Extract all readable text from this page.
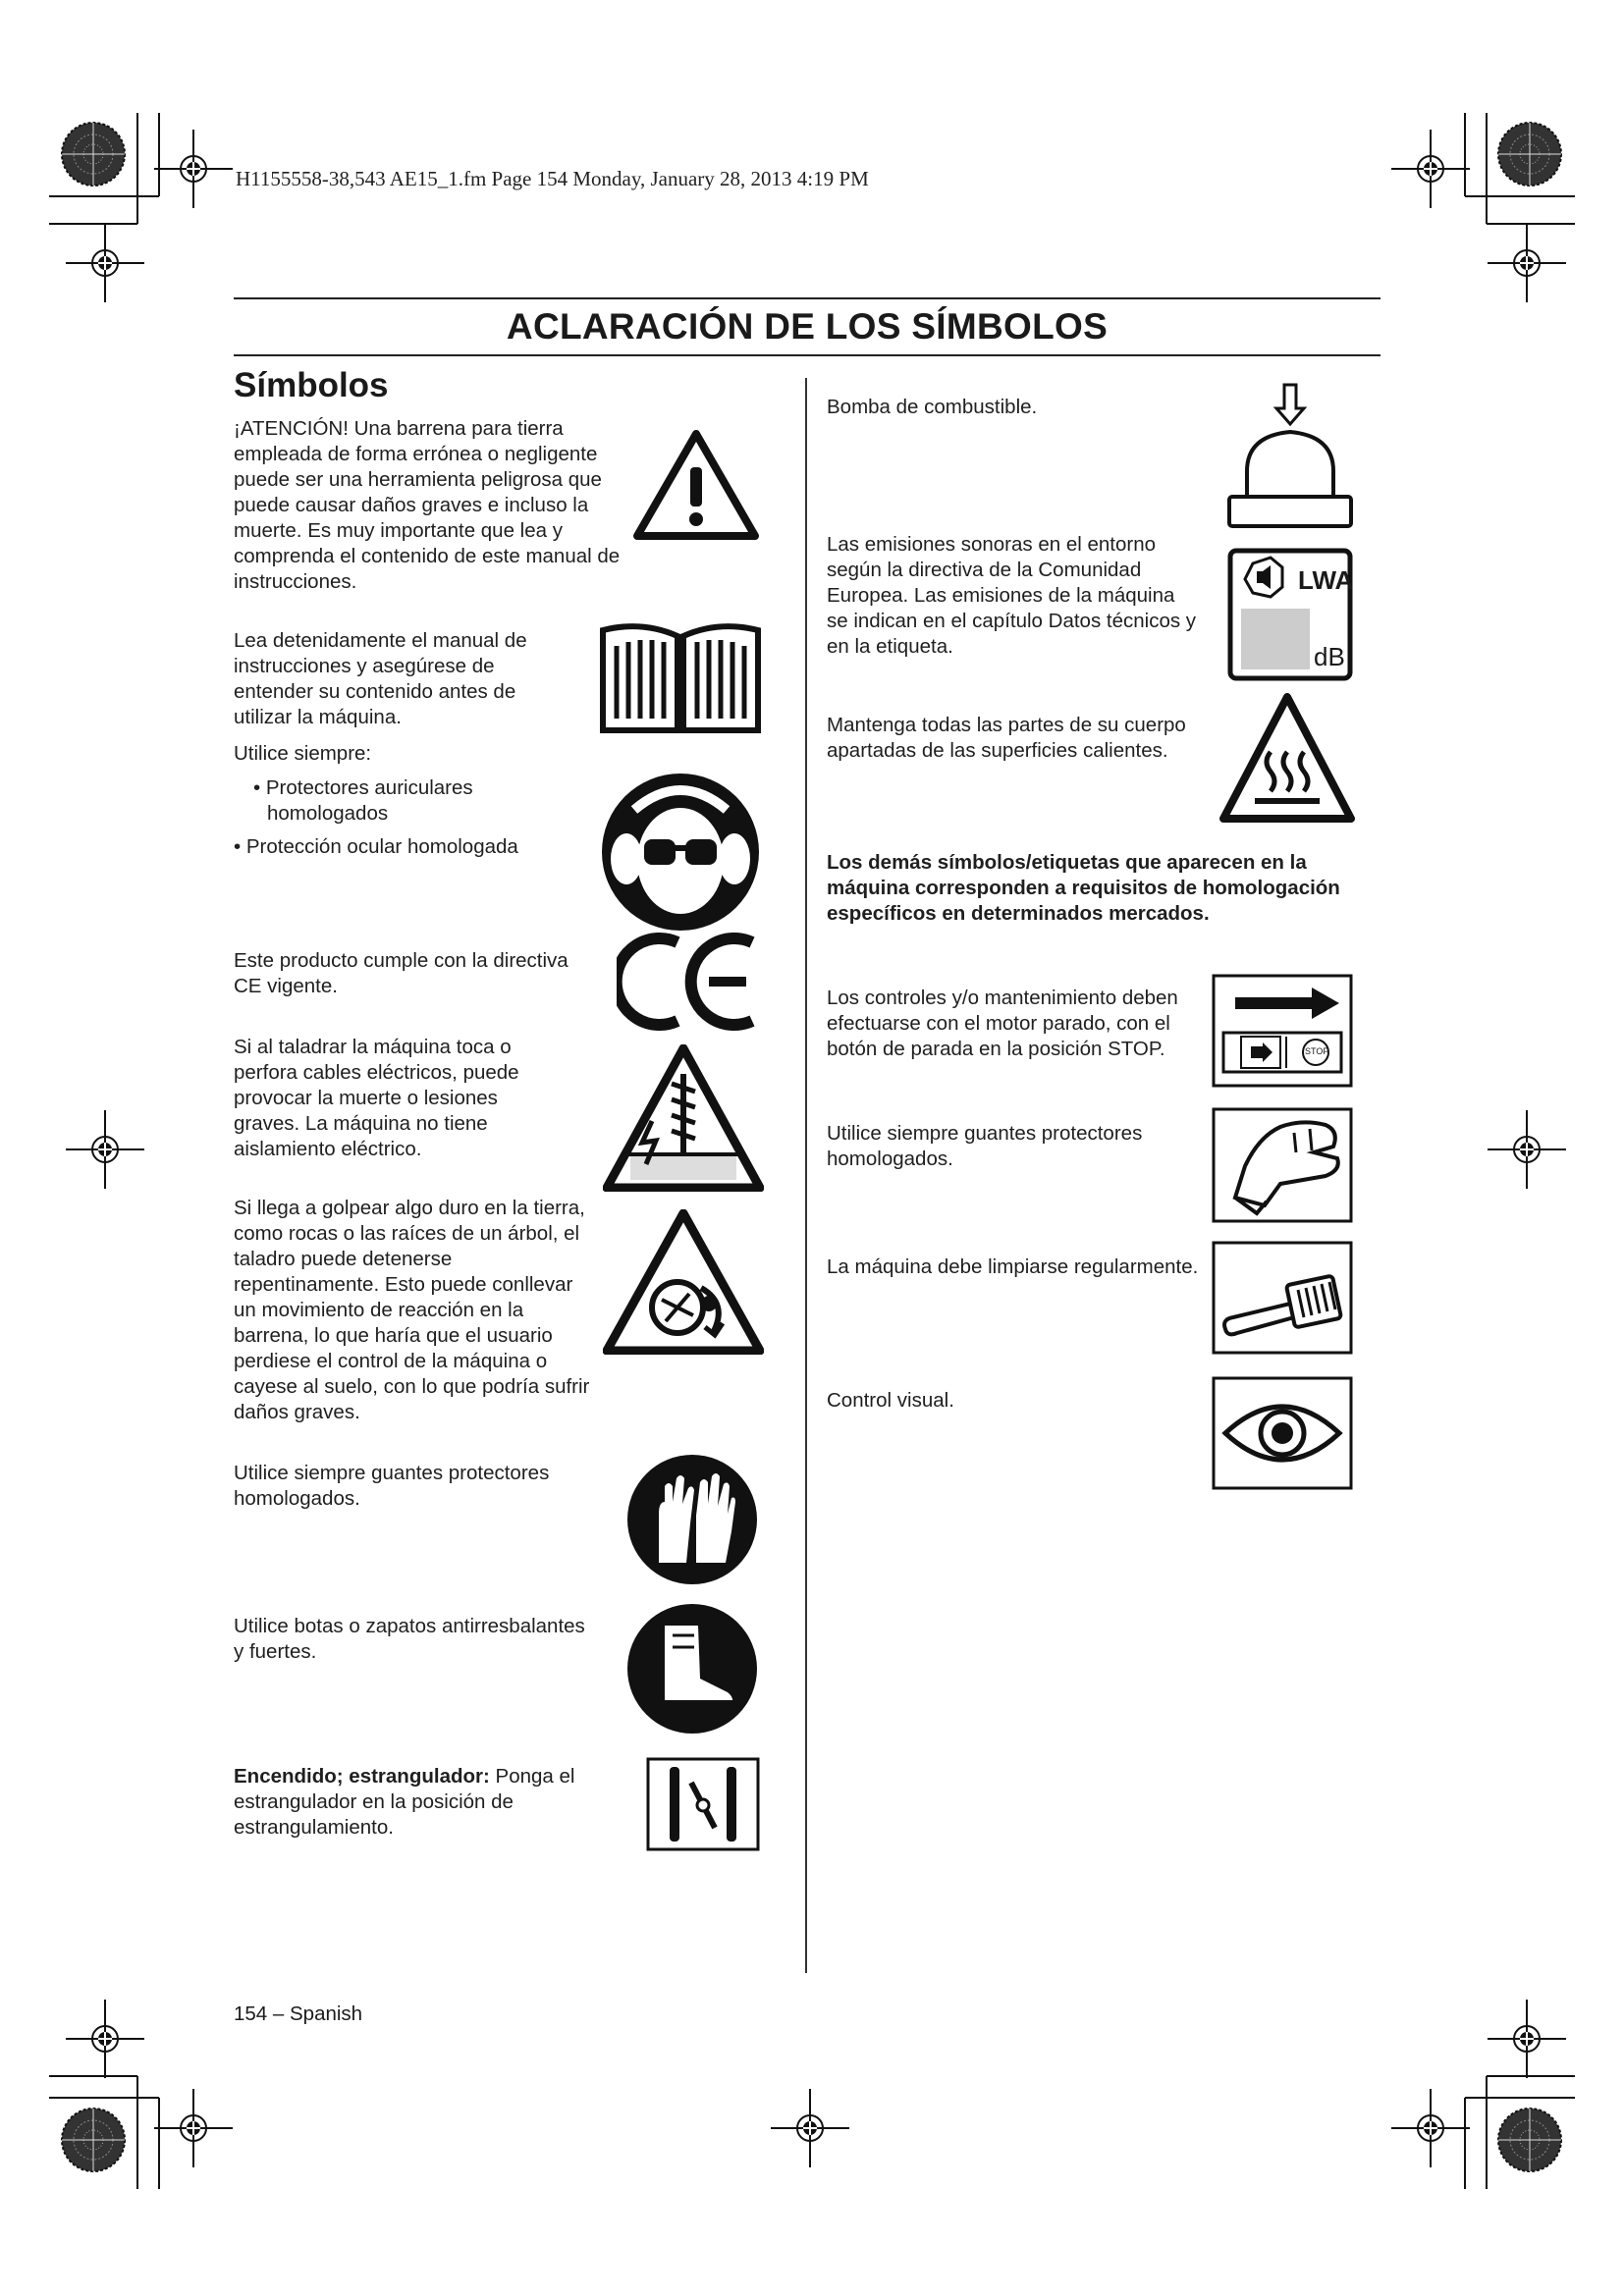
H1155558-38,543 AE15_1.fm Page 154 Monday, January 28, 2013 4:19 PM
ACLARACIÓN DE LOS SÍMBOLOS
Símbolos
¡ATENCIÓN! Una barrena para tierra empleada de forma errónea o negligente puede ser una herramienta peligrosa que puede causar daños graves e incluso la muerte. Es muy importante que lea y comprenda el contenido de este manual de instrucciones.
Lea detenidamente el manual de instrucciones y asegúrese de entender su contenido antes de utilizar la máquina.
Utilice siempre:
• Protectores auriculares homologados
• Protección ocular homologada
Este producto cumple con la directiva CE vigente.
Si al taladrar la máquina toca o perfora cables eléctricos, puede provocar la muerte o lesiones graves. La máquina no tiene aislamiento eléctrico.
Si llega a golpear algo duro en la tierra, como rocas o las raíces de un árbol, el taladro puede detenerse repentinamente. Esto puede conllevar un movimiento de reacción en la barrena, lo que haría que el usuario perdiese el control de la máquina o cayese al suelo, con lo que podría sufrir daños graves.
Utilice siempre guantes protectores homologados.
Utilice botas o zapatos antirresbalantes y fuertes.
Encendido; estrangulador: Ponga el estrangulador en la posición de estrangulamiento.
Bomba de combustible.
Las emisiones sonoras en el entorno según la directiva de la Comunidad Europea. Las emisiones de la máquina se indican en el capítulo Datos técnicos y en la etiqueta.
LWA
dB
Mantenga todas las partes de su cuerpo apartadas de las superficies calientes.
Los demás símbolos/etiquetas que aparecen en la máquina corresponden a requisitos de homologación específicos en determinados mercados.
Los controles y/o mantenimiento deben efectuarse con el motor parado, con el botón de parada en la posición STOP.	STOP
Utilice siempre guantes protectores homologados.
La máquina debe limpiarse regularmente.
Control visual.
154 – Spanish
